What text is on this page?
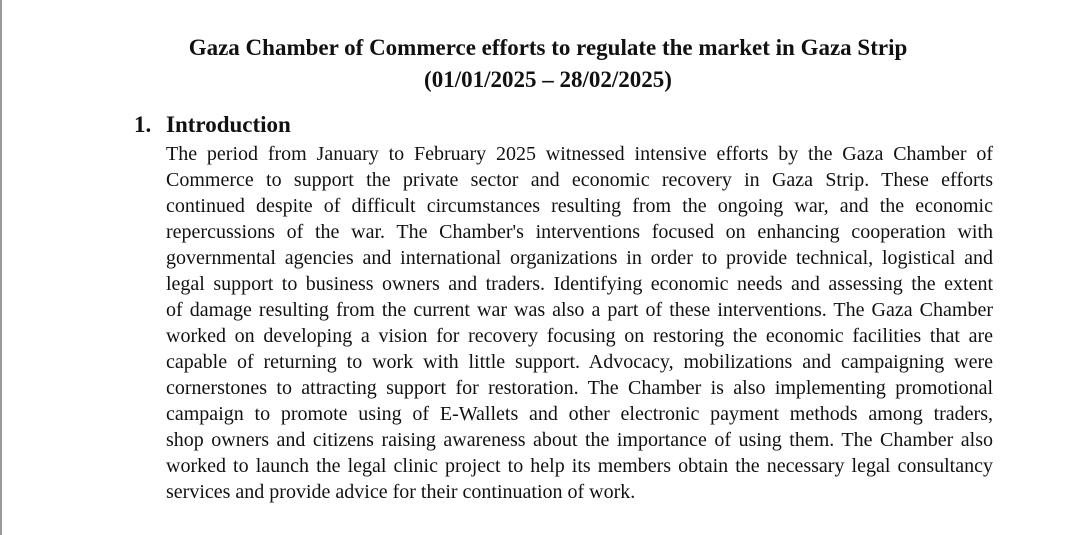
Gaza Chamber of Commerce efforts to regulate the market in Gaza Strip
(01/01/2025 – 28/02/2025)
1. Introduction
The period from January to February 2025 witnessed intensive efforts by the Gaza Chamber of
Commerce to support the private sector and economic recovery in Gaza Strip. These efforts
continued despite of difficult circumstances resulting from the ongoing war, and the economic
repercussions of the war. The Chamber's interventions focused on enhancing cooperation with
governmental agencies and international organizations in order to provide technical, logistical and
legal support to business owners and traders. Identifying economic needs and assessing the extent
of damage resulting from the current war was also a part of these interventions. The Gaza Chamber
worked on developing a vision for recovery focusing on restoring the economic facilities that are
capable of returning to work with little support. Advocacy, mobilizations and campaigning were
cornerstones to attracting support for restoration. The Chamber is also implementing promotional
campaign to promote using of E-Wallets and other electronic payment methods among traders,
shop owners and citizens raising awareness about the importance of using them. The Chamber also
worked to launch the legal clinic project to help its members obtain the necessary legal consultancy
services and provide advice for their continuation of work.
